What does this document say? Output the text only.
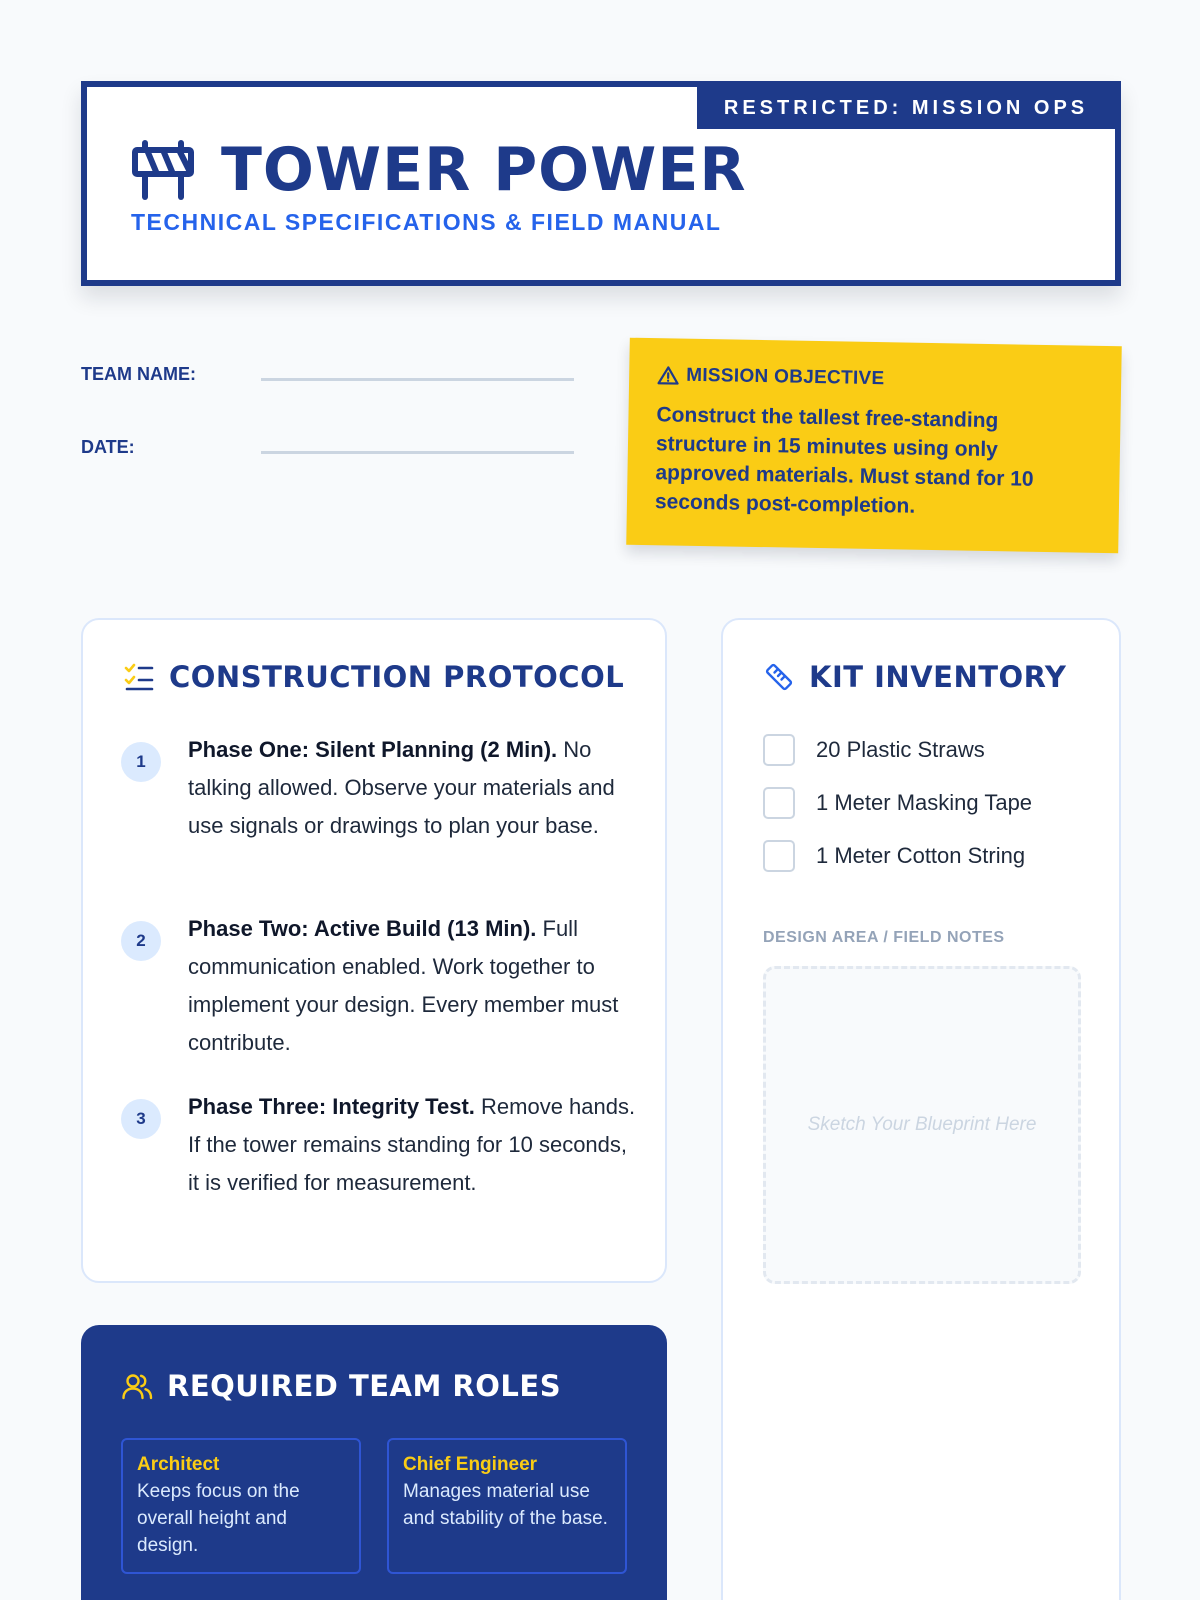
RESTRICTED: MISSION OPS
TOWER POWER
TECHNICAL SPECIFICATIONS & FIELD MANUAL
TEAM NAME:
DATE:
MISSION OBJECTIVE
Construct the tallest free-standing structure in 15 minutes using only approved materials. Must stand for 10 seconds post-completion.
CONSTRUCTION PROTOCOL
1	Phase One: Silent Planning (2 Min). No talking allowed. Observe your materials and use signals or drawings to plan your base.
2	Phase Two: Active Build (13 Min). Full communication enabled. Work together to implement your design. Every member must contribute.
3	Phase Three: Integrity Test. Remove hands. If the tower remains standing for 10 seconds, it is verified for measurement.
REQUIRED TEAM ROLES
Architect
Keeps focus on the overall height and design.
Chief Engineer
Manages material use and stability of the base.
KIT INVENTORY
20 Plastic Straws
1 Meter Masking Tape
1 Meter Cotton String
DESIGN AREA / FIELD NOTES
Sketch Your Blueprint Here
